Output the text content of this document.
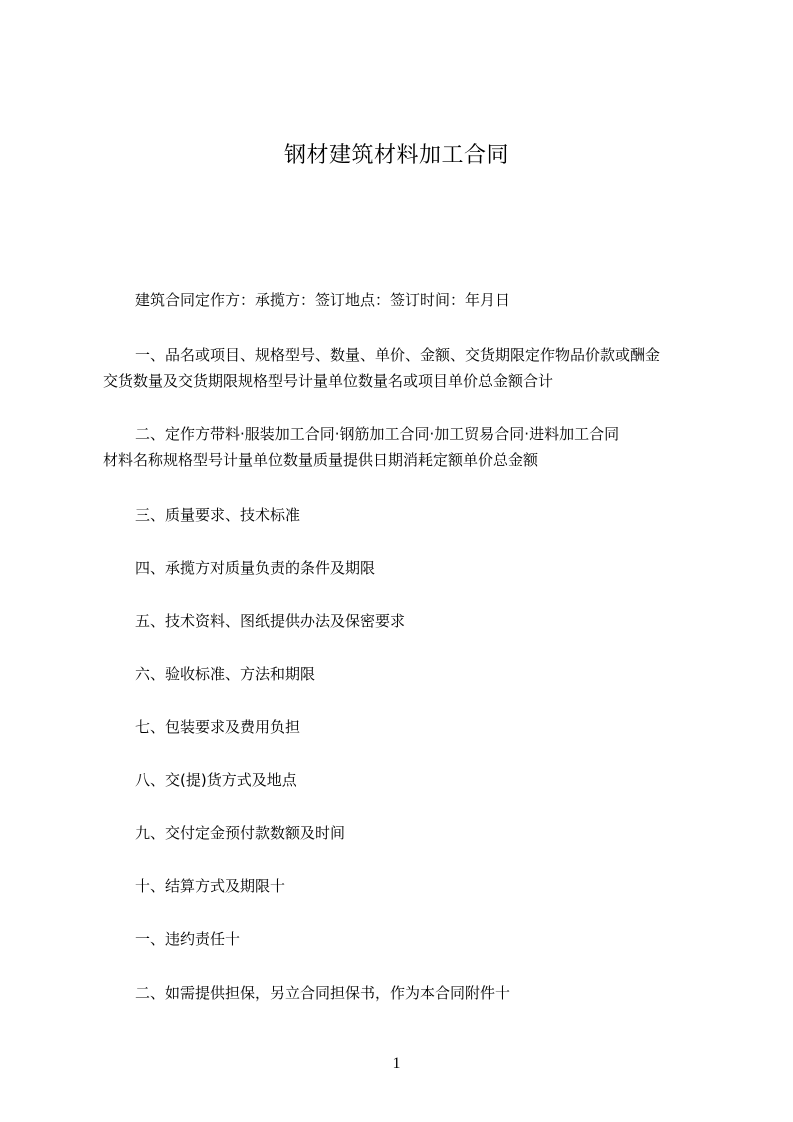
钢材建筑材料加工合同

建筑合同定作方：承揽方：签订地点：签订时间：年月日

一、品名或项目、规格型号、数量、单价、金额、交货期限定作物品价款或酬金
交货数量及交货期限规格型号计量单位数量名或项目单价总金额合计

二、定作方带料·服装加工合同·钢筋加工合同·加工贸易合同·进料加工合同
材料名称规格型号计量单位数量质量提供日期消耗定额单价总金额

三、质量要求、技术标准

四、承揽方对质量负责的条件及期限

五、技术资料、图纸提供办法及保密要求

六、验收标准、方法和期限

七、包装要求及费用负担

八、交(提)货方式及地点

九、交付定金预付款数额及时间

十、结算方式及期限十

一、违约责任十

二、如需提供担保，另立合同担保书，作为本合同附件十

1
